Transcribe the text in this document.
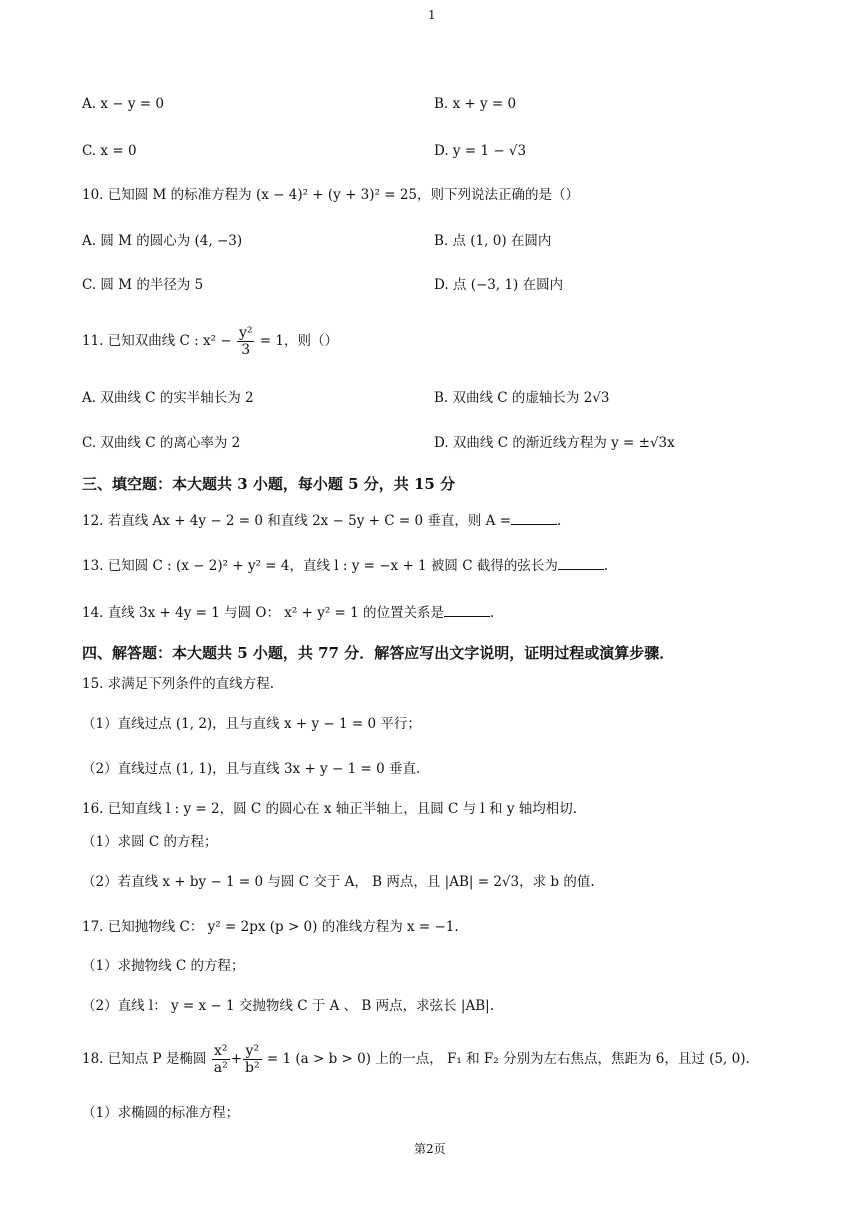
1
A. x − y = 0	B. x + y = 0
C. x = 0	D. y = 1 − √3
10. 已知圆 M 的标准方程为 (x − 4)² + (y + 3)² = 25，则下列说法正确的是（）
A. 圆 M 的圆心为 (4, −3)	B. 点 (1, 0) 在圆内
C. 圆 M 的半径为 5	D. 点 (−3, 1) 在圆内
11. 已知双曲线 C : $x^2 - \frac{\text{y²}}{3} = 1$，则（）
A. 双曲线 C 的实半轴长为 2	B. 双曲线 C 的虚轴长为 2√3
C. 双曲线 C 的离心率为 2	D. 双曲线 C 的渐近线方程为 y = ±√3x
三、填空题：本大题共 3 小题，每小题 5 分，共 15 分
12. 若直线 Ax + 4y − 2 = 0 和直线 2x − 5y + C = 0 垂直，则 A =	.
13. 已知圆 C : (x − 2)² + y² = 4，直线 l : y = −x + 1 被圆 C 截得的弦长为	.
14. 直线 3x + 4y = 1 与圆 O： x² + y² = 1 的位置关系是	.
四、解答题：本大题共 5 小题，共 77 分．解答应写出文字说明，证明过程或演算步骤．
15. 求满足下列条件的直线方程.
（1）直线过点 (1, 2)，且与直线 x + y − 1 = 0 平行；
（2）直线过点 (1, 1)，且与直线 3x + y − 1 = 0 垂直.
16. 已知直线 l : y = 2，圆 C 的圆心在 x 轴正半轴上，且圆 C 与 l 和 y 轴均相切.
（1）求圆 C 的方程；
（2）若直线 x + by − 1 = 0 与圆 C 交于 A， B 两点，且 |AB| = 2√3，求 b 的值.
17. 已知抛物线 C： y² = 2px (p > 0) 的准线方程为 x = −1.
（1）求抛物线 C 的方程；
（2）直线 l： y = x − 1 交抛物线 C 于 A 、 B 两点，求弦长 |AB|.
18. 已知点 P 是椭圆 $\frac{\text{x²}}{\text{a²}} + \frac{\text{y²}}{\text{b²}} = 1$ (a > b > 0) 上的一点， F₁ 和 F₂ 分别为左右焦点，焦距为 6，且过 (5, 0).
（1）求椭圆的标准方程；
第2页
